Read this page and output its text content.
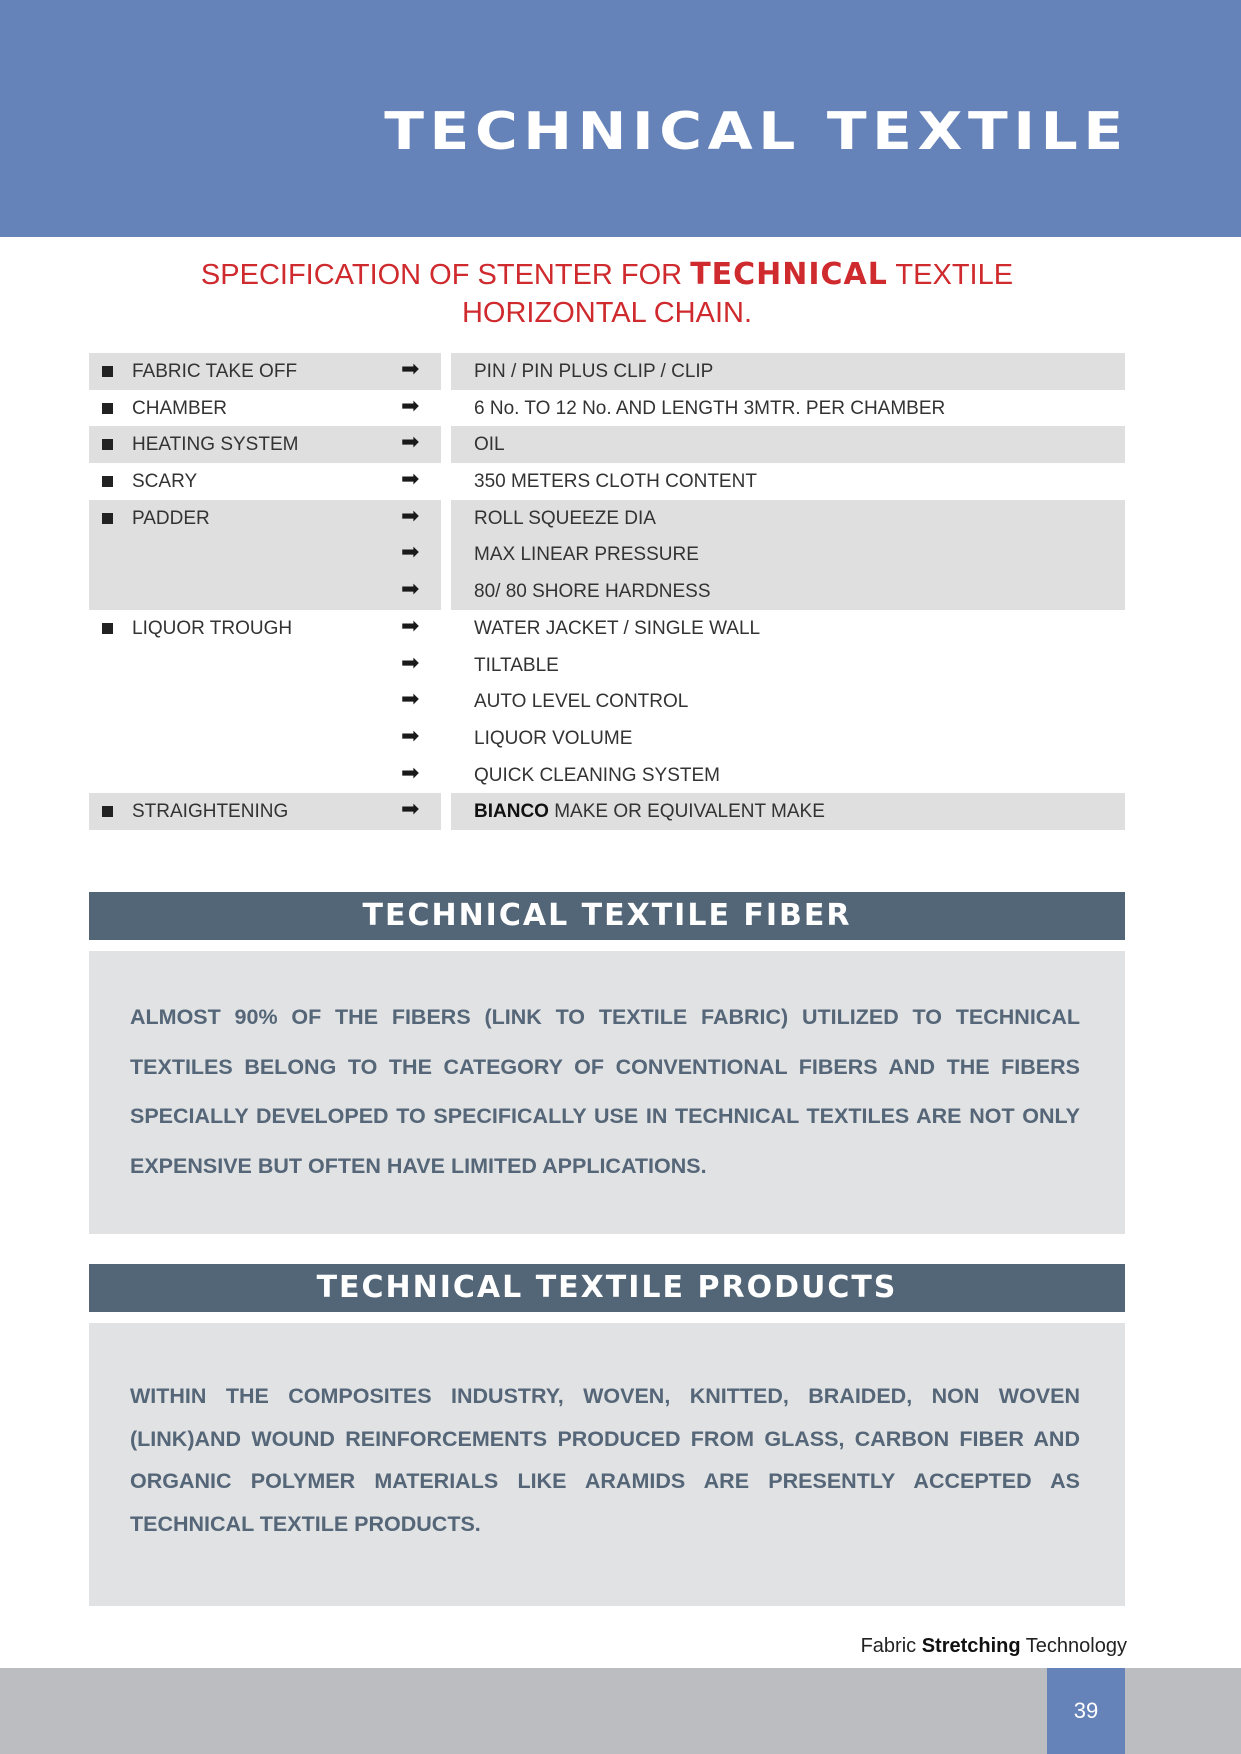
TECHNICAL TEXTILE
SPECIFICATION OF STENTER FOR TECHNICAL TEXTILE
HORIZONTAL CHAIN.
FABRIC TAKE OFF	➡	PIN / PIN PLUS CLIP / CLIP
CHAMBER	➡	6 No. TO 12 No. AND LENGTH 3MTR. PER CHAMBER
HEATING SYSTEM	➡	OIL
SCARY	➡	350 METERS CLOTH CONTENT
PADDER	➡	ROLL SQUEEZE DIA
➡	MAX LINEAR PRESSURE
➡	80/ 80 SHORE HARDNESS
LIQUOR TROUGH	➡	WATER JACKET / SINGLE WALL
➡	TILTABLE
➡	AUTO LEVEL CONTROL
➡	LIQUOR VOLUME
➡	QUICK CLEANING SYSTEM
STRAIGHTENING	➡	BIANCO MAKE OR EQUIVALENT MAKE
TECHNICAL TEXTILE FIBER
ALMOST 90% OF THE FIBERS (LINK TO TEXTILE FABRIC) UTILIZED TO TECHNICAL TEXTILES BELONG TO THE CATEGORY OF CONVENTIONAL FIBERS AND THE FIBERS SPECIALLY DEVELOPED TO SPECIFICALLY USE IN TECHNICAL TEXTILES ARE NOT ONLY EXPENSIVE BUT OFTEN HAVE LIMITED APPLICATIONS.
TECHNICAL TEXTILE PRODUCTS
WITHIN THE COMPOSITES INDUSTRY, WOVEN, KNITTED, BRAIDED, NON WOVEN (LINK)AND WOUND REINFORCEMENTS PRODUCED FROM GLASS, CARBON FIBER AND ORGANIC POLYMER MATERIALS LIKE ARAMIDS ARE PRESENTLY ACCEPTED AS TECHNICAL TEXTILE PRODUCTS.
Fabric Stretching Technology
39
